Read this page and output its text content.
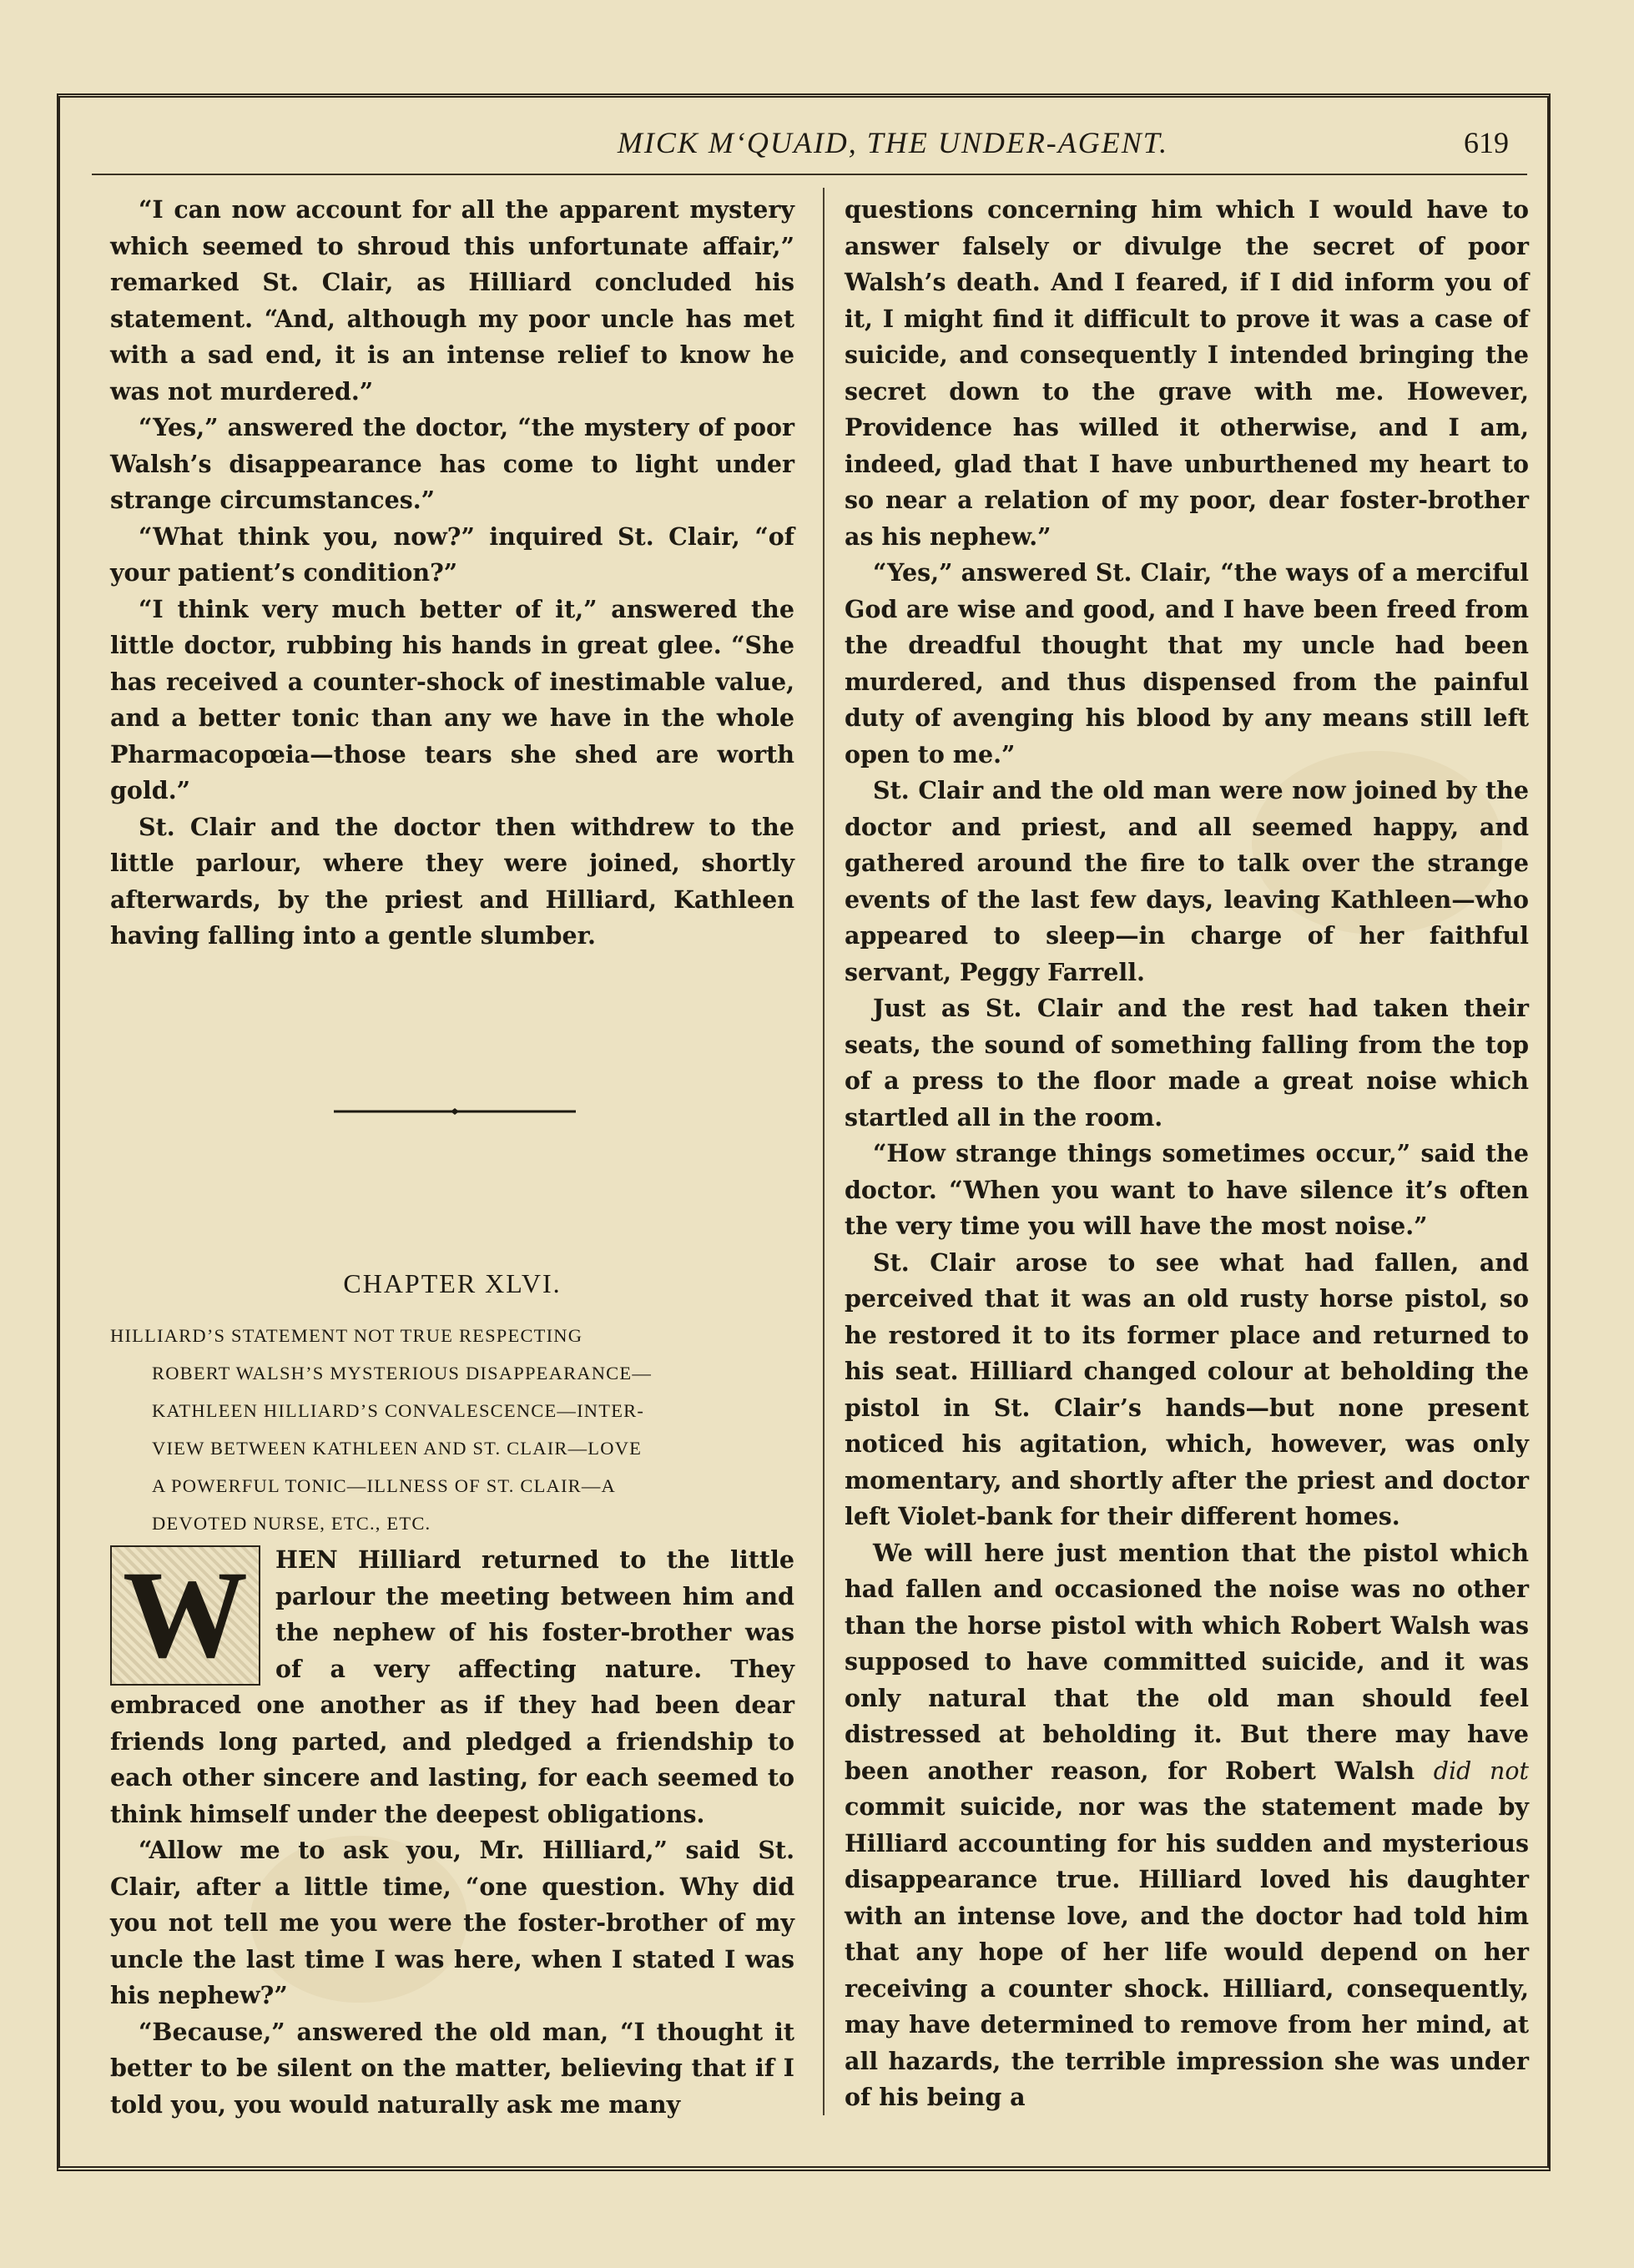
MICK M‘QUAID, THE UNDER-AGENT.	619

“I can now account for all the apparent mystery which seemed to shroud this unfortunate affair,” remarked St. Clair, as Hilliard concluded his statement. “And, although my poor uncle has met with a sad end, it is an intense relief to know he was not murdered.”

“Yes,” answered the doctor, “the mystery of poor Walsh’s disappearance has come to light under strange circumstances.”

“What think you, now?” inquired St. Clair, “of your patient’s condition?”

“I think very much better of it,” answered the little doctor, rubbing his hands in great glee. “She has received a counter-shock of inestimable value, and a better tonic than any we have in the whole Pharmacopœia—those tears she shed are worth gold.”

St. Clair and the doctor then withdrew to the little parlour, where they were joined, shortly afterwards, by the priest and Hilliard, Kathleen having falling into a gentle slumber.

CHAPTER XLVI.
HILLIARD’S STATEMENT NOT TRUE RESPECTING
ROBERT WALSH’S MYSTERIOUS DISAPPEARANCE—
KATHLEEN HILLIARD’S CONVALESCENCE—INTER-
VIEW BETWEEN KATHLEEN AND ST. CLAIR—LOVE
A POWERFUL TONIC—ILLNESS OF ST. CLAIR—A
DEVOTED NURSE, ETC., ETC.
W	HEN Hilliard returned to the little parlour the meeting between him and the nephew of his foster-brother was of a very affecting nature. They embraced one another as if they had been dear friends long parted, and pledged a friendship to each other sincere and lasting, for each seemed to think himself under the deepest obligations.

“Allow me to ask you, Mr. Hilliard,” said St. Clair, after a little time, “one question. Why did you not tell me you were the foster-brother of my uncle the last time I was here, when I stated I was his nephew?”

“Because,” answered the old man, “I thought it better to be silent on the matter, believing that if I told you, you would naturally ask me many

questions concerning him which I would have to answer falsely or divulge the secret of poor Walsh’s death. And I feared, if I did inform you of it, I might find it difficult to prove it was a case of suicide, and consequently I intended bringing the secret down to the grave with me. However, Providence has willed it otherwise, and I am, indeed, glad that I have unburthened my heart to so near a relation of my poor, dear foster-brother as his nephew.”

“Yes,” answered St. Clair, “the ways of a merciful God are wise and good, and I have been freed from the dreadful thought that my uncle had been murdered, and thus dispensed from the painful duty of avenging his blood by any means still left open to me.”

St. Clair and the old man were now joined by the doctor and priest, and all seemed happy, and gathered around the fire to talk over the strange events of the last few days, leaving Kathleen—who appeared to sleep—in charge of her faithful servant, Peggy Farrell.

Just as St. Clair and the rest had taken their seats, the sound of something falling from the top of a press to the floor made a great noise which startled all in the room.

“How strange things sometimes occur,” said the doctor. “When you want to have silence it’s often the very time you will have the most noise.”

St. Clair arose to see what had fallen, and perceived that it was an old rusty horse pistol, so he restored it to its former place and returned to his seat. Hilliard changed colour at beholding the pistol in St. Clair’s hands—but none present noticed his agitation, which, however, was only momentary, and shortly after the priest and doctor left Violet-bank for their different homes.

We will here just mention that the pistol which had fallen and occasioned the noise was no other than the horse pistol with which Robert Walsh was supposed to have committed suicide, and it was only natural that the old man should feel distressed at beholding it. But there may have been another reason, for Robert Walsh did not commit suicide, nor was the statement made by Hilliard accounting for his sudden and mysterious disappearance true. Hilliard loved his daughter with an intense love, and the doctor had told him that any hope of her life would depend on her receiving a counter shock. Hilliard, consequently, may have determined to remove from her mind, at all hazards, the terrible impression she was under of his being a
